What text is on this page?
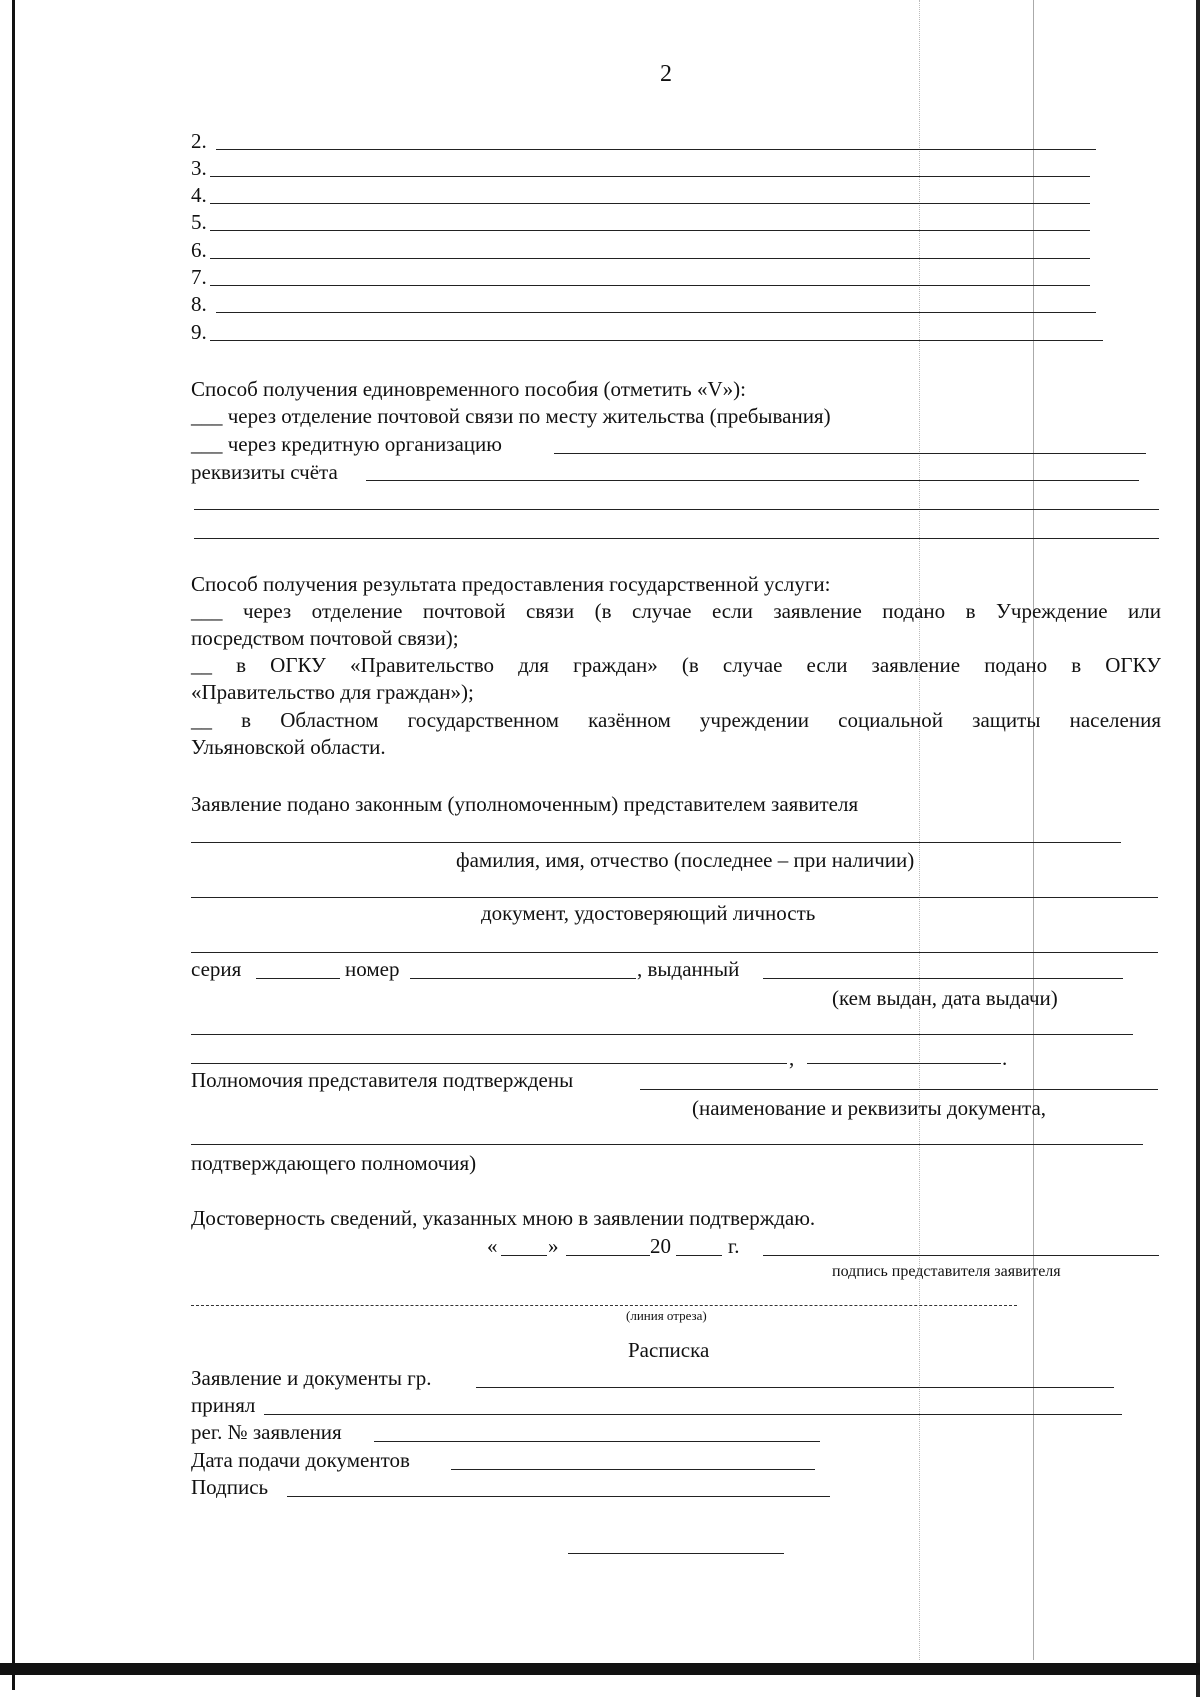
2
2.
3.
4.
5.
6.
7.
8.
9.
Способ получения единовременного пособия (отметить «V»):
___ через отделение почтовой связи по месту жительства (пребывания)
___ через кредитную организацию
реквизиты счёта
Способ получения результата предоставления государственной услуги:
___ через отделение почтовой связи (в случае если заявление подано в Учреждение или
посредством почтовой связи);
__ в ОГКУ «Правительство для граждан» (в случае если заявление подано в ОГКУ
«Правительство для граждан»);
__ в Областном государственном казённом учреждении социальной защиты населения
Ульяновской области.
Заявление подано законным (уполномоченным) представителем заявителя
фамилия, имя, отчество (последнее – при наличии)
документ, удостоверяющий личность
серия	номер	, выданный
(кем выдан, дата выдачи)
,	.
Полномочия представителя подтверждены
(наименование и реквизиты документа,
подтверждающего полномочия)
Достоверность сведений, указанных мною в заявлении подтверждаю.
« »	20	г.
подпись представителя заявителя
(линия отреза)
Расписка
Заявление и документы гр.
принял
рег. № заявления
Дата подачи документов
Подпись
